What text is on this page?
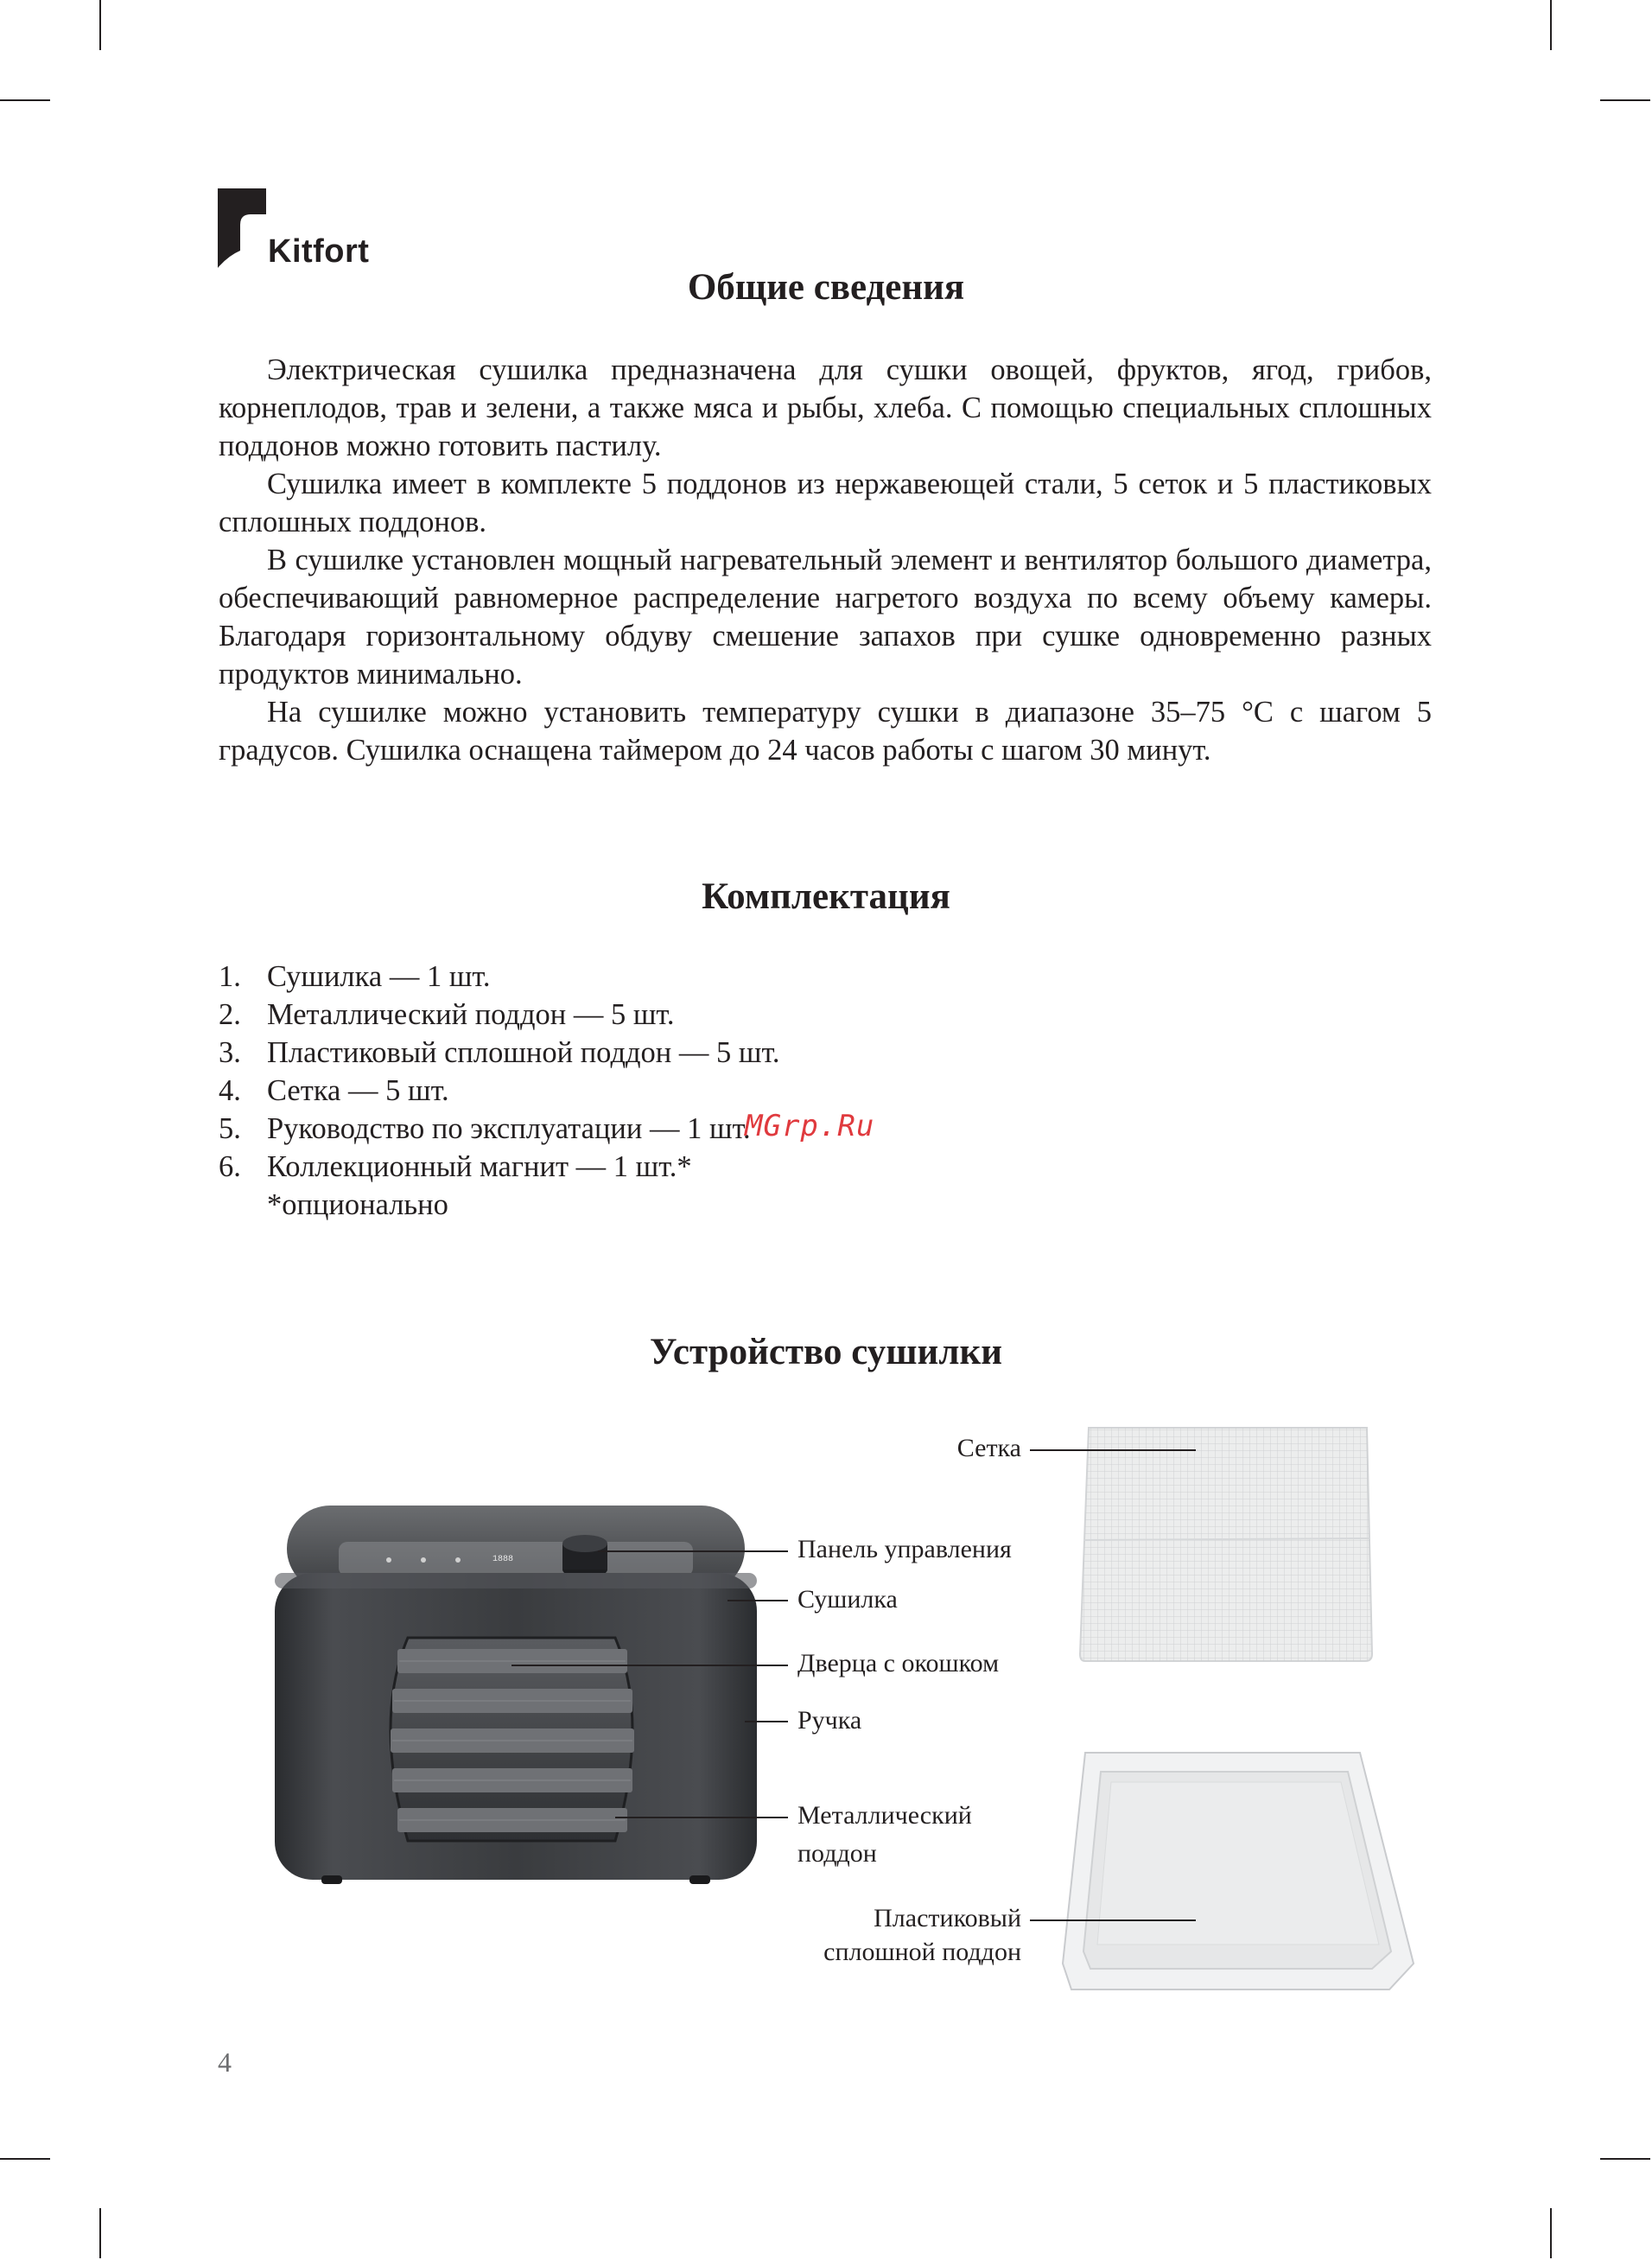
Kitfort
Общие сведения

Электрическая сушилка предназначена для сушки овощей, фруктов, ягод, грибов, корнеплодов, трав и зелени, а также мяса и рыбы, хлеба. С помощью специальных сплошных поддонов можно готовить пастилу.

Сушилка имеет в комплекте 5 поддонов из нержавеющей стали, 5 сеток и 5 пластиковых сплошных поддонов.

В сушилке установлен мощный нагревательный элемент и вентилятор большого диаметра, обеспечивающий равномерное распределение нагретого воздуха по всему объему камеры. Благодаря горизонтальному обдуву смешение запахов при сушке одновременно разных продуктов минимально.

На сушилке можно установить температуру сушки в диапазоне 35–75 °C с шагом 5 градусов. Сушилка оснащена таймером до 24 часов работы с шагом 30 минут.

Комплектация
1. Сушилка — 1 шт.
2. Металлический поддон — 5 шт.
3. Пластиковый сплошной поддон — 5 шт.
4. Сетка — 5 шт.
5. Руководство по эксплуатации — 1 шт.
6. Коллекционный магнит — 1 шт.*
*опционально
MGrp.Ru
Устройство сушилки
1888
Сетка
Панель управления
Сушилка
Дверца с окошком
Ручка
Металлический
поддон
Пластиковый
сплошной поддон
4
